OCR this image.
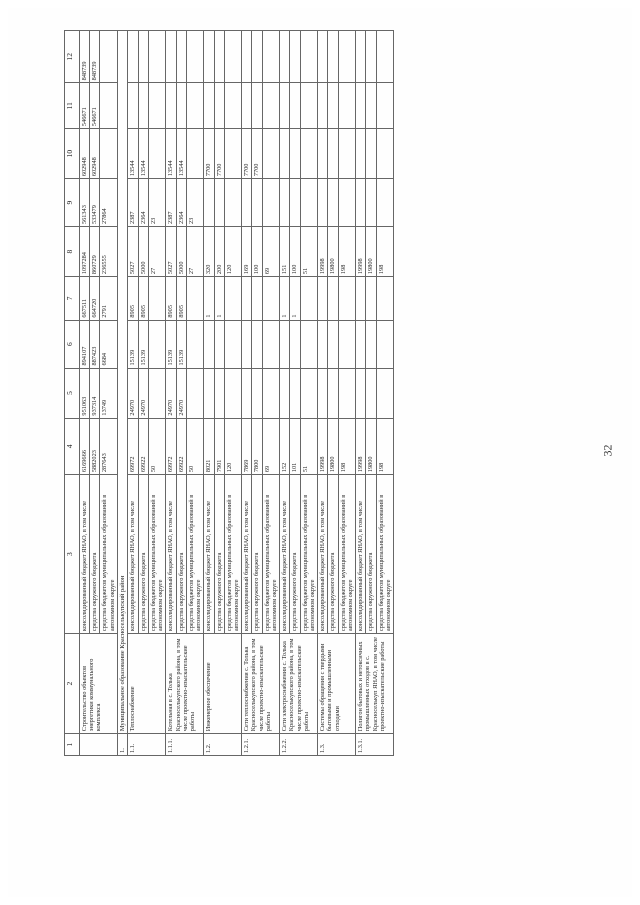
32
1	2	3	4	5	6	7	8	9	10	11	12
	Строительство объектов энергетики коммунального комплекса	консолидированный бюджет ЯНАО, в том числе	6169666	951063	894107	667511	1097284	561343	602948	546671	848739
		средства окружного бюджета	5882023	937314	887423	664720	860729	533479	602948	546671	848739
		средства бюджетов муниципальных образований в автономном округе	287643	13749	6684	2791	236555	27864			
1.	Муниципальное образование Красноселькупский район										
1.1.	Теплоснабжение	консолидированный бюджет ЯНАО, в том числе	69972	24970	15139	8905	5027	2387	13544		
		средства окружного бюджета	69922	24970	15139	8905	5000	2364	13544		
		средства бюджетов муниципальных образований в автономном округе	50				27	23			
1.1.1.	Котельная в с. Толька Красноселькупского района, в том числе проектно-изыскательские работы	консолидированный бюджет ЯНАО, в том числе	69972	24970	15139	8905	5027	2387	13544		
		средства окружного бюджета	69922	24970	15139	8905	5000	2364	13544		
		средства бюджетов муниципальных образований в автономном округе	50				27	23			
1.2.	Инженерное обеспечение	консолидированный бюджет ЯНАО, в том числе	8021			1	320		7700		
		средства окружного бюджета	7901			1	200		7700		
		средства бюджетов муниципальных образований в автономном округе	120				120				
1.2.1.	Сети теплоснабжения с. Толька Красноселькупского района, в том числе проектно-изыскательские работы	консолидированный бюджет ЯНАО, в том числе	7869				169		7700		
		средства окружного бюджета	7800				100		7700		
		средства бюджетов муниципальных образований в автономном округе	69				69				
1.2.2.	Сети электроснабжения с. Толька Красноселькупского района, в том числе проектно-изыскательские работы	консолидированный бюджет ЯНАО, в том числе	152			1	151				
		средства окружного бюджета	101			1	100				
		средства бюджетов муниципальных образований в автономном округе	51				51				
1.3.	Системы обращения с твердыми бытовыми и промышленными отходами	консолидированный бюджет ЯНАО, в том числе	19998				19998				
		средства окружного бюджета	19800				19800				
		средства бюджетов муниципальных образований в автономном округе	198				198				
1.3.1.	Полигон бытовых и нетоксичных промышленных отходов в с. Красноселькуп ЯНАО, в том числе проектно-изыскательские работы	консолидированный бюджет ЯНАО, в том числе	19998				19998				
		средства окружного бюджета	19800				19800				
		средства бюджетов муниципальных образований в автономном округе	198				198				
